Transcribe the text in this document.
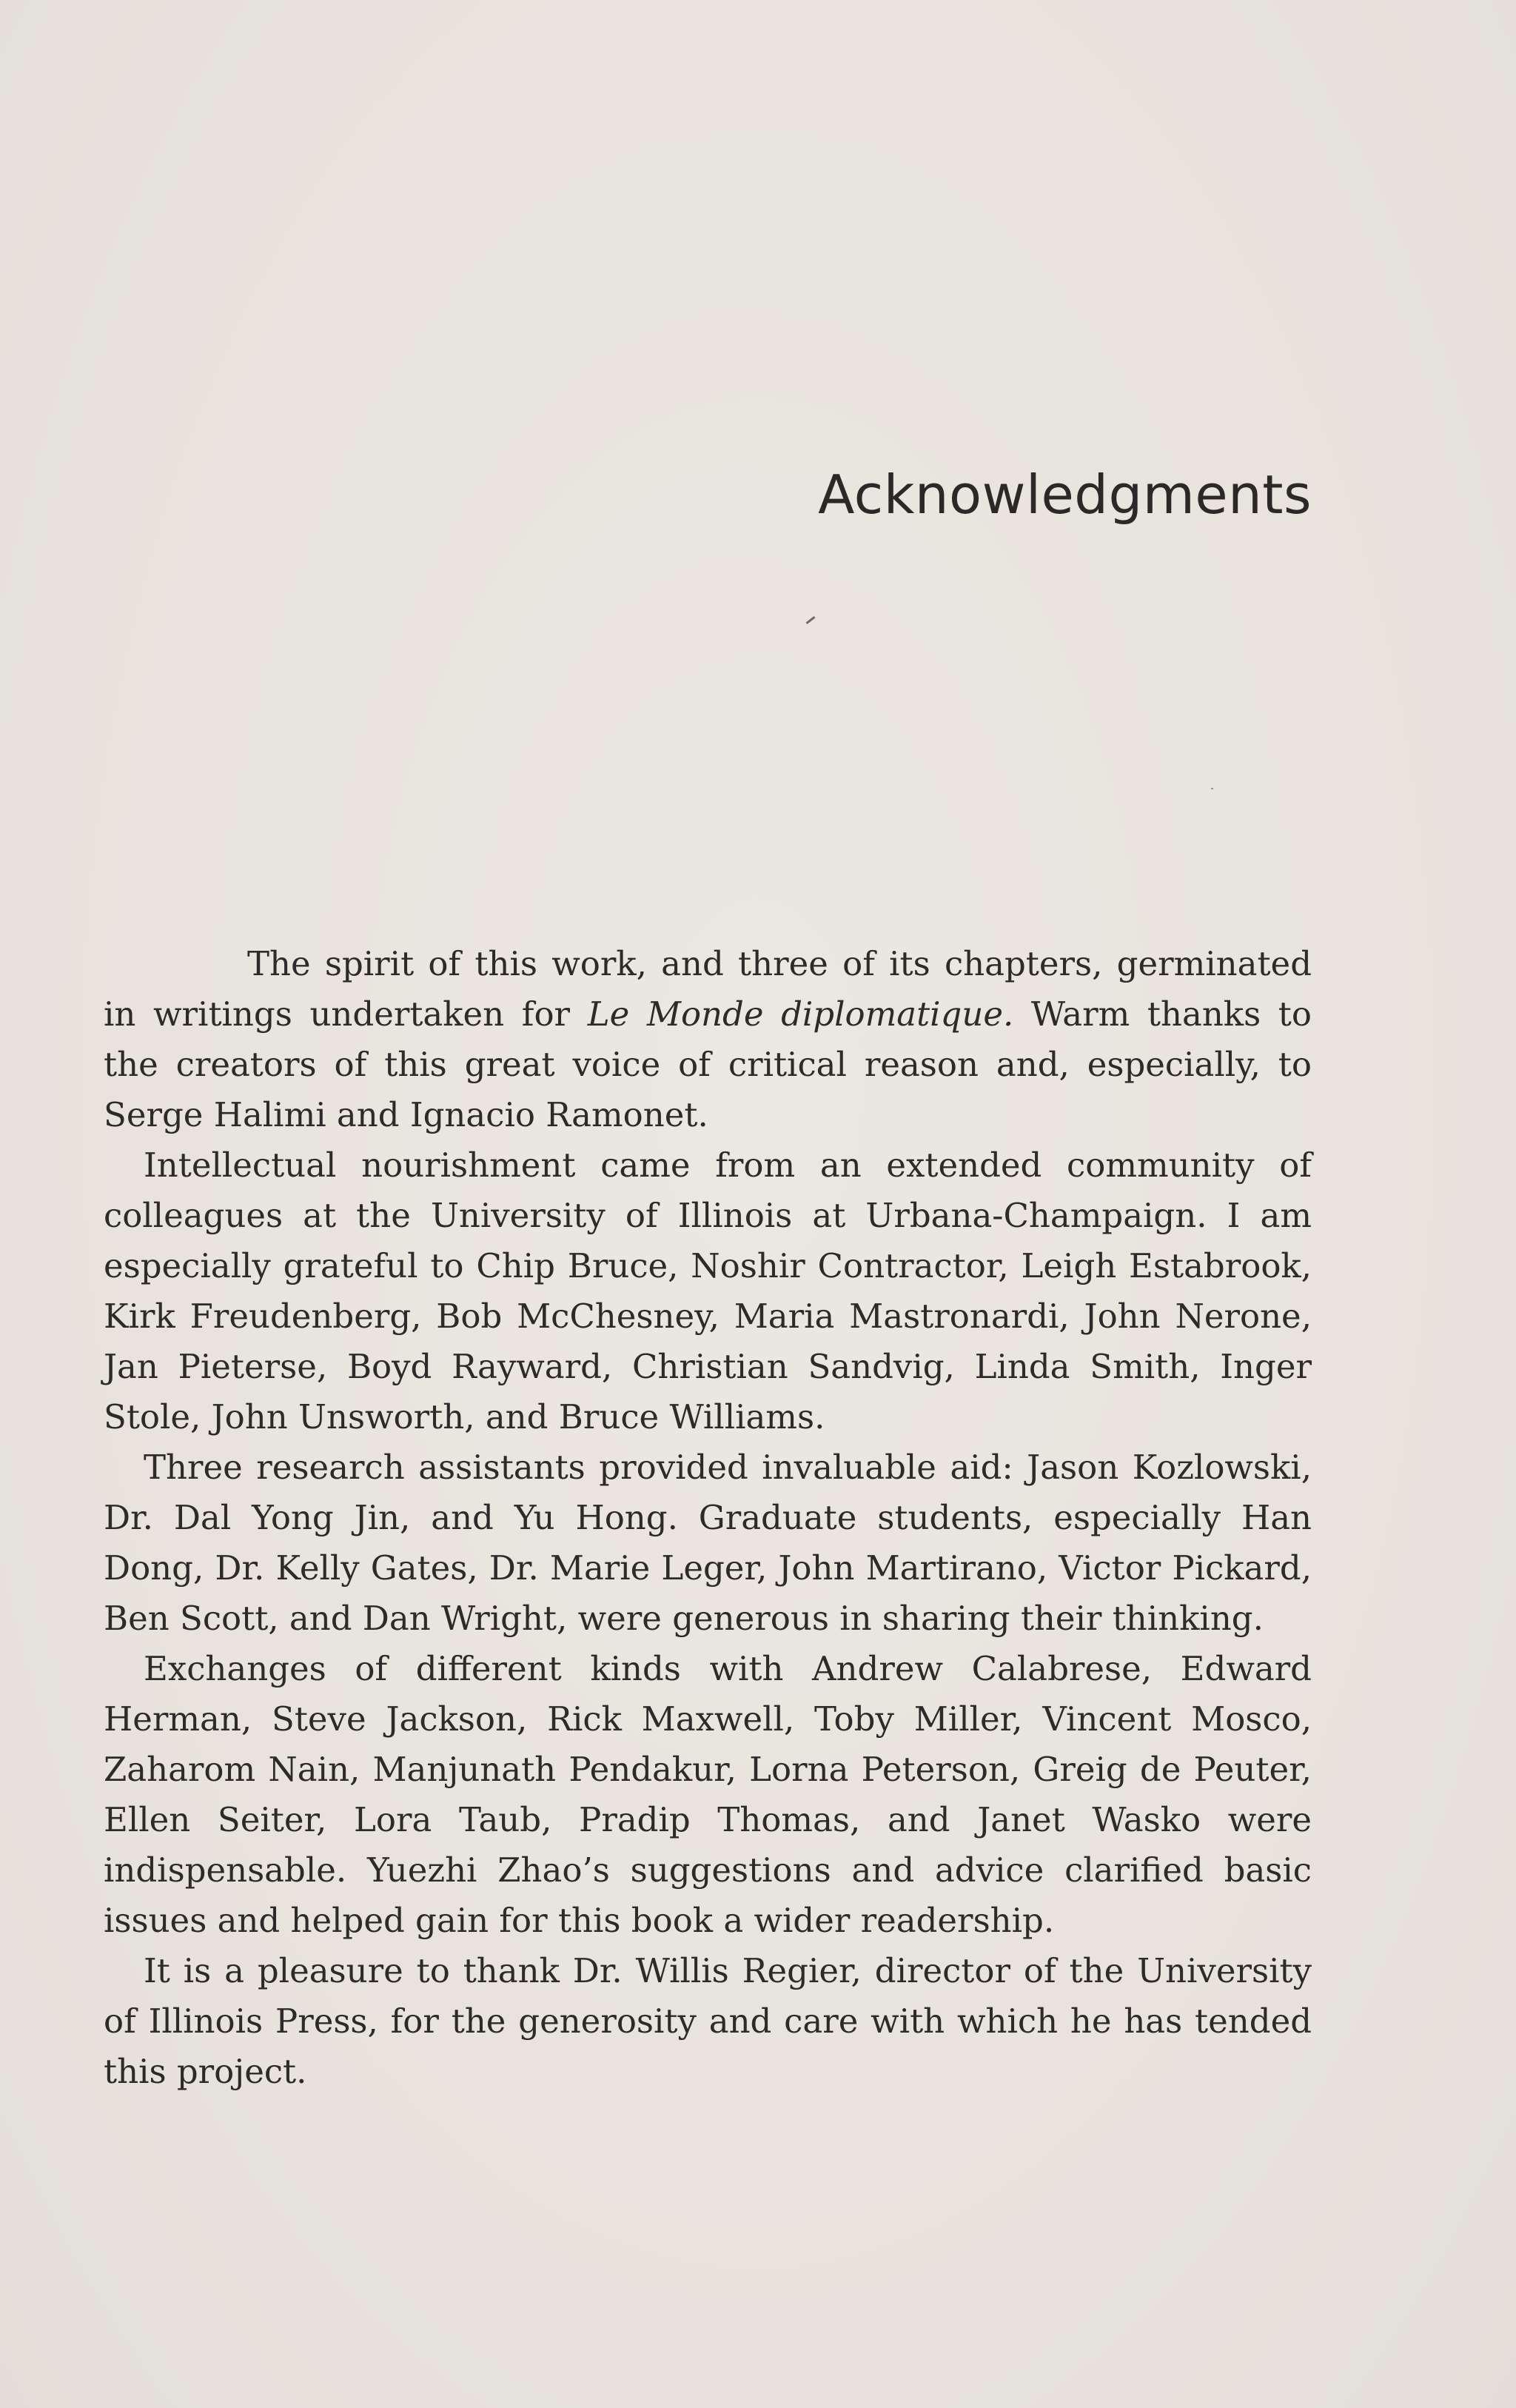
Acknowledgments

The spirit of this work, and three of its chapters, germinated in writings undertaken for Le Monde diplomatique. Warm thanks to the creators of this great voice of critical reason and, especially, to Serge Halimi and Ignacio Ramonet.

Intellectual nourishment came from an extended community of colleagues at the University of Illinois at Urbana-Champaign. I am especially grateful to Chip Bruce, Noshir Contractor, Leigh Estabrook, Kirk Freudenberg, Bob McChesney, Maria Mastronardi, John Nerone, Jan Pieterse, Boyd Rayward, Christian Sandvig, Linda Smith, Inger Stole, John Unsworth, and Bruce Williams.

Three research assistants provided invaluable aid: Jason Kozlowski, Dr. Dal Yong Jin, and Yu Hong. Graduate students, especially Han Dong, Dr. Kelly Gates, Dr. Marie Leger, John Martirano, Victor Pickard, Ben Scott, and Dan Wright, were generous in sharing their thinking.

Exchanges of different kinds with Andrew Calabrese, Edward Herman, Steve Jackson, Rick Maxwell, Toby Miller, Vincent Mosco, Zaharom Nain, Manjunath Pendakur, Lorna Peterson, Greig de Peuter, Ellen Seiter, Lora Taub, Pradip Thomas, and Janet Wasko were indispensable. Yuezhi Zhao’s suggestions and advice clarified basic issues and helped gain for this book a wider readership.

It is a pleasure to thank Dr. Willis Regier, director of the University of Illinois Press, for the generosity and care with which he has tended this project.
